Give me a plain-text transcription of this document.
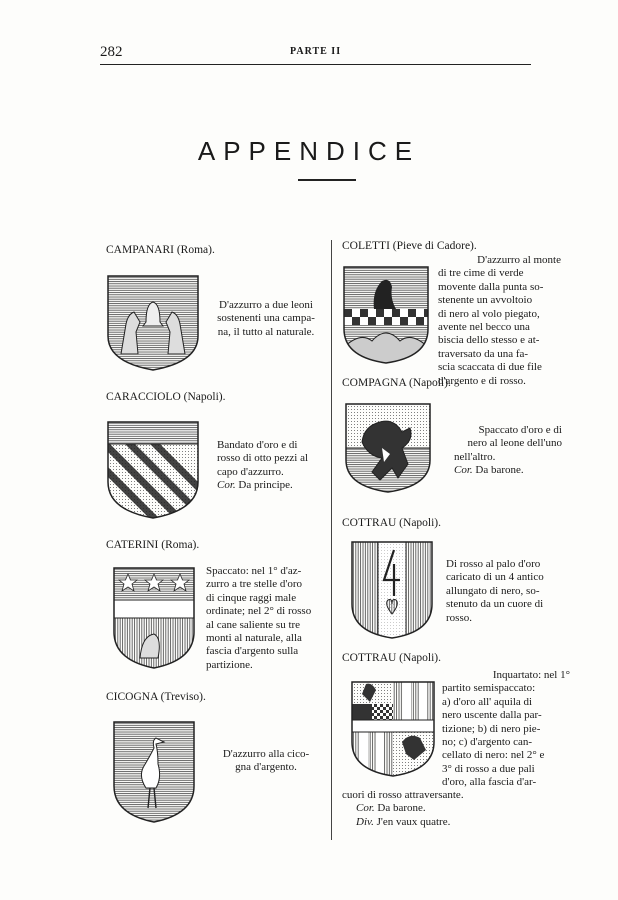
282	PARTE II
APPENDICE
CAMPANARI (Roma).
D'azzurro a due leoni
sostenenti una campa-
na, il tutto al naturale.
CARACCIOLO (Napoli).
Bandato d'oro e di
rosso di otto pezzi al
capo d'azzurro.
Cor. Da principe.
CATERINI (Roma).
Spaccato: nel 1° d'az-
zurro a tre stelle d'oro
di cinque raggi male
ordinate; nel 2° di rosso
al cane saliente su tre
monti al naturale, alla
fascia d'argento sulla
partizione.
CICOGNA (Treviso).
D'azzurro alla cico-
gna d'argento.
COLETTI (Pieve di Cadore).
D'azzurro al monte
di tre cime di verde
movente dalla punta so-
stenente un avvoltoio
di nero al volo piegato,
avente nel becco una
biscia dello stesso e at-
traversato da una fa-
scia scaccata di due file
d'argento e di rosso.
COMPAGNA (Napoli).
Spaccato d'oro e di
nero al leone dell'uno
nell'altro.
Cor. Da barone.
COTTRAU (Napoli).
Di rosso al palo d'oro
caricato di un 4 antico
allungato di nero, so-
stenuto da un cuore di
rosso.
COTTRAU (Napoli).
Inquartato: nel 1°
partito semispaccato:
a) d'oro all' aquila di
nero uscente dalla par-
tizione; b) di nero pie-
no; c) d'argento can-
cellato di nero: nel 2° e
3° di rosso a due pali
d'oro, alla fascia d'ar-
cuori di rosso attraversante.
Cor. Da barone.
Div. J'en vaux quatre.
